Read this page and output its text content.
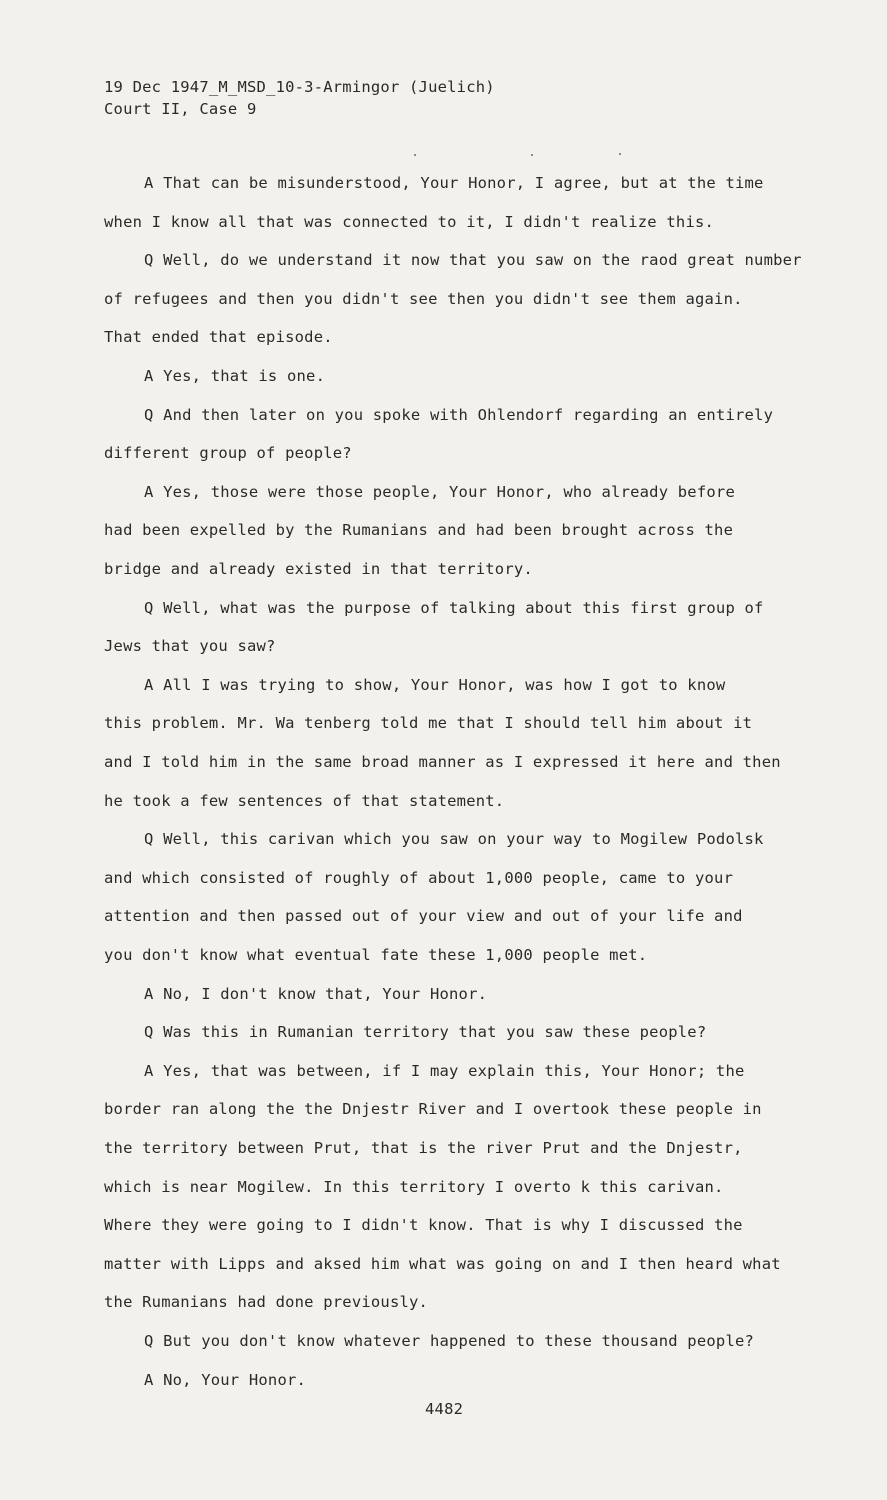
19 Dec 1947_M_MSD_10-3-Armingor (Juelich)
Court II, Case 9
A That can be misunderstood, Your Honor, I agree, but at the time
when I know all that was connected to it, I didn't realize this.
Q Well, do we understand it now that you saw on the raod great number
of refugees and then you didn't see then you didn't see them again.
That ended that episode.
A Yes, that is one.
Q And then later on you spoke with Ohlendorf regarding an entirely
different group of people?
A Yes, those were those people, Your Honor, who already before
had been expelled by the Rumanians and had been brought across the
bridge and already existed in that territory.
Q Well, what was the purpose of talking about this first group of
Jews that you saw?
A All I was trying to show, Your Honor, was how I got to know
this problem. Mr. Wa tenberg told me that I should tell him about it
and I told him in the same broad manner as I expressed it here and then
he took a few sentences of that statement.
Q Well, this carivan which you saw on your way to Mogilew Podolsk
and which consisted of roughly of about 1,000 people, came to your
attention and then passed out of your view and out of your life and
you don't know what eventual fate these 1,000 people met.
A No, I don't know that, Your Honor.
Q Was this in Rumanian territory that you saw these people?
A Yes, that was between, if I may explain this, Your Honor; the
border ran along the the Dnjestr River and I overtook these people in
the territory between Prut, that is the river Prut and the Dnjestr,
which is near Mogilew. In this territory I overto k this carivan.
Where they were going to I didn't know. That is why I discussed the
matter with Lipps and aksed him what was going on and I then heard what
the Rumanians had done previously.
Q But you don't know whatever happened to these thousand people?
A No, Your Honor.
4482
